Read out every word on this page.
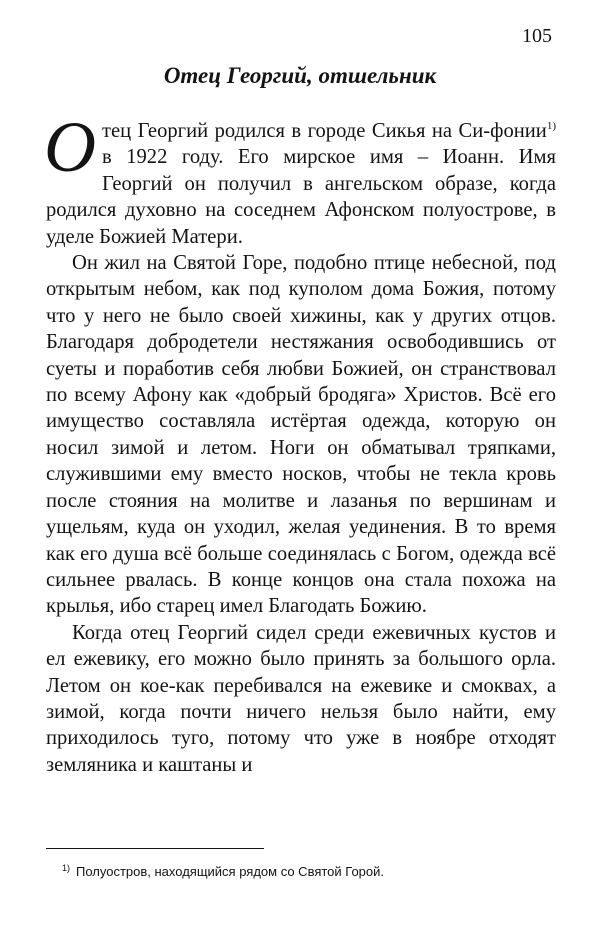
105
Отец Георгий, отшельник

Отец Георгий родился в городе Сикья на Си-фонии$^{1)}$ в 1922 году. Его мирское имя – Иоанн. Имя Георгий он получил в ангельском образе, когда родился духовно на соседнем Афонском полуострове, в уделе Божией Матери.

Он жил на Святой Горе, подобно птице небесной, под открытым небом, как под куполом дома Божия, потому что у него не было своей хижины, как у других отцов. Благодаря добродетели нестяжания освободившись от суеты и поработив себя любви Божией, он странствовал по всему Афону как «добрый бродяга» Христов. Всё его имущество составляла истёртая одежда, которую он носил зимой и летом. Ноги он обматывал тряпками, служившими ему вместо носков, чтобы не текла кровь после стояния на молитве и лазанья по вершинам и ущельям, куда он уходил, желая уединения. В то время как его душа всё больше соединялась с Богом, одежда всё сильнее рвалась. В конце концов она стала похожа на крылья, ибо старец имел Благодать Божию.

Когда отец Георгий сидел среди ежевичных кустов и ел ежевику, его можно было принять за большого орла. Летом он кое-как перебивался на ежевике и смоквах, а зимой, когда почти ничего нельзя было найти, ему приходилось туго, потому что уже в ноябре отходят земляника и каштаны и

$^{1)}$ Полуостров, находящийся рядом со Святой Горой.
